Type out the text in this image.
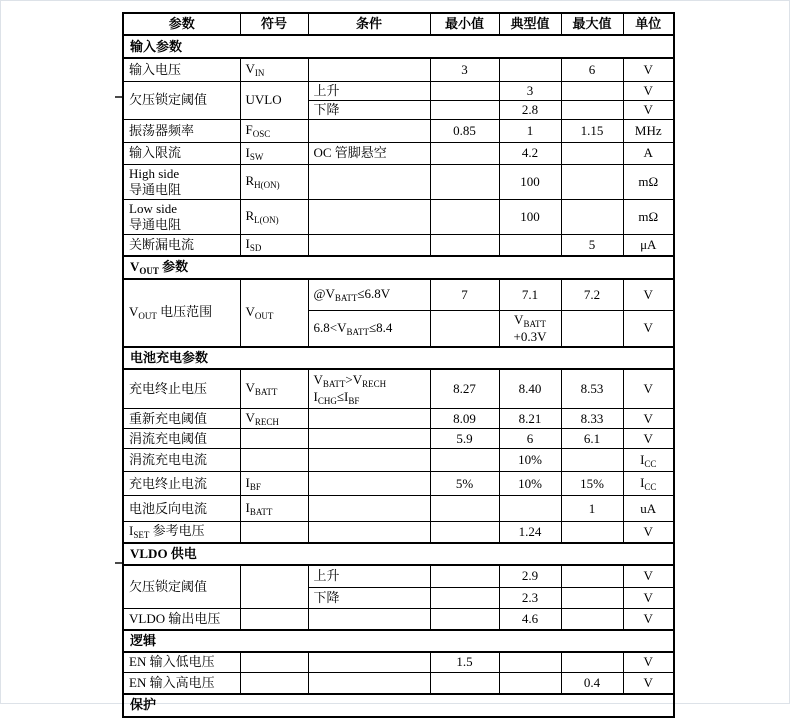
参数	符号	条件	最小值	典型值	最大值	单位
输入参数						

输入电压	$V_{IN}$		3		6	V

欠压锁定阈值	UVLO	上升		3		V

		下降		2.8		V

振荡器频率	$F_{OSC}$		0.85	1	1.15	MHz

输入限流	$I_{SW}$	OC 管脚悬空		4.2		A

High side
导通电阻	$R_{H(ON)}$			100		mΩ

Low side
导通电阻	$R_{L(ON)}$			100		mΩ

关断漏电流	$I_{SD}$				5	μA

$V_{OUT}$ 参数						

$V_{OUT}$ 电压范围	$V_{OUT}$	$@V_{BATT}\le 6.8V$	7	7.1	7.2	V

		$6.8<V_{BATT}\le 8.4$		$V_{BATT}$
+0.3V		V

电池充电参数						

充电终止电压	$V_{BATT}$	$V_{BATT}>V_{RECH}$
$I_{CHG}\le I_{BF}$	8.27	8.40	8.53	V

重新充电阈值	$V_{RECH}$		8.09	8.21	8.33	V

涓流充电阈值			5.9	6	6.1	V

涓流充电电流				10%		$I_{CC}$

充电终止电流	$I_{BF}$		5%	10%	15%	$I_{CC}$

电池反向电流	$I_{BATT}$				1	uA

$I_{SET}$ 参考电压				1.24		V

VLDO 供电						

欠压锁定阈值		上升		2.9		V

		下降		2.3		V

VLDO 输出电压				4.6		V

逻辑						

EN 输入低电压			1.5			V

EN 输入高电压					0.4	V

保护						
